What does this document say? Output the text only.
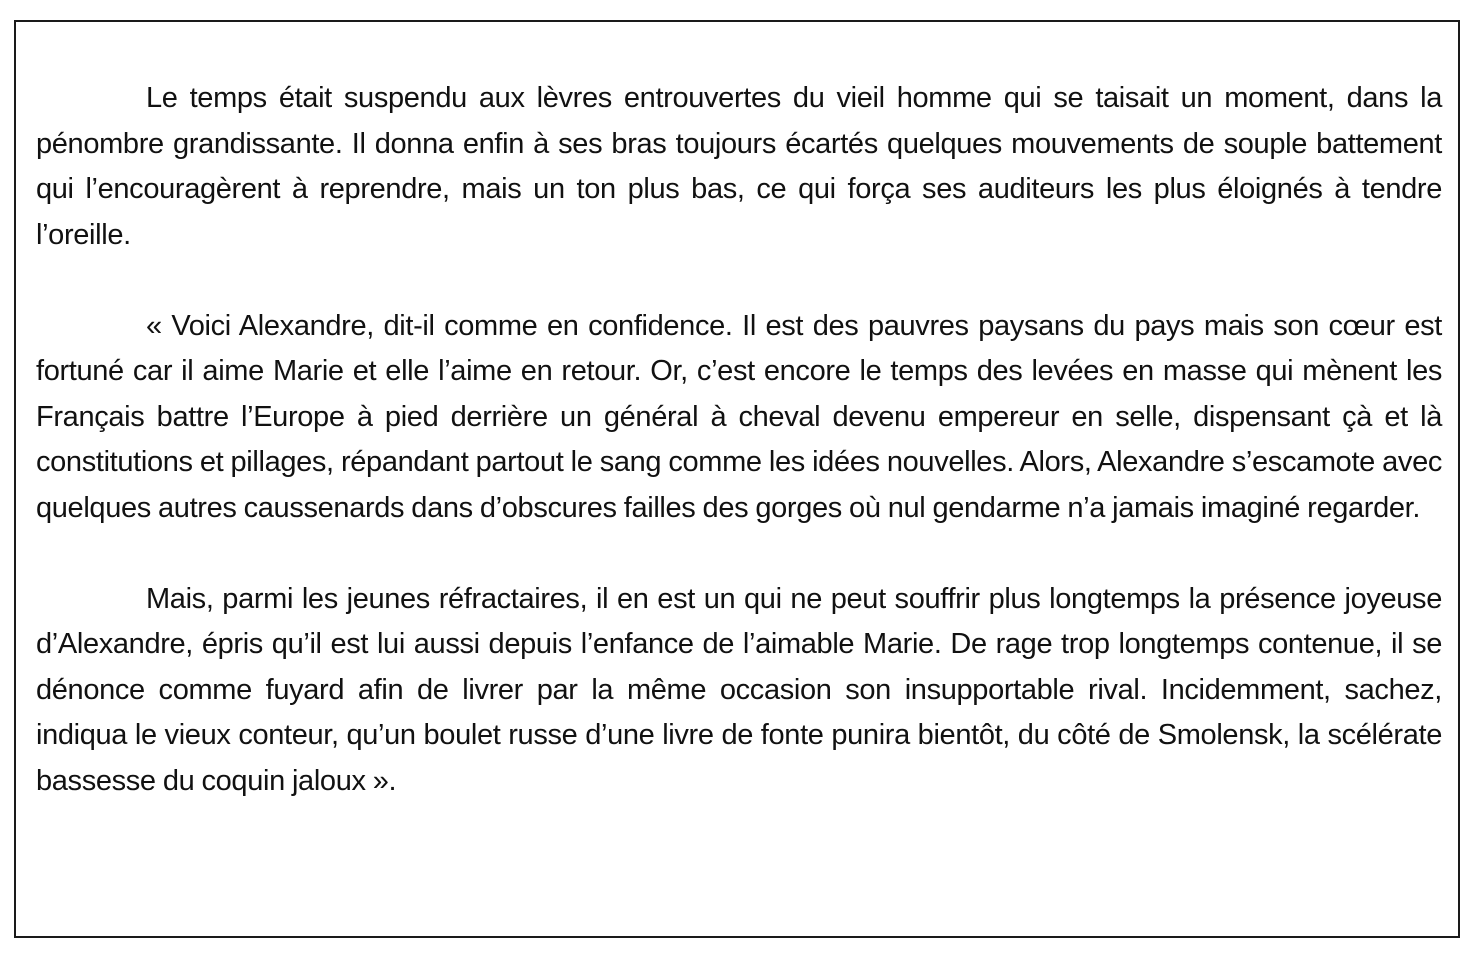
Le temps était suspendu aux lèvres entrouvertes du vieil homme qui se taisait un moment, dans la pénombre grandissante. Il donna enfin à ses bras toujours écartés quelques mouvements de souple battement qui l’encouragèrent à reprendre, mais un ton plus bas, ce qui força ses auditeurs les plus éloignés à tendre l’oreille.

« Voici Alexandre, dit-il comme en confidence. Il est des pauvres paysans du pays mais son cœur est fortuné car il aime Marie et elle l’aime en retour. Or, c’est encore le temps des levées en masse qui mènent les Français battre l’Europe à pied derrière un général à cheval devenu empereur en selle, dispensant çà et là constitutions et pillages, répandant partout le sang comme les idées nouvelles. Alors, Alexandre s’escamote avec quelques autres caussenards dans d’obscures failles des gorges où nul gendarme n’a jamais imaginé regarder.

Mais, parmi les jeunes réfractaires, il en est un qui ne peut souffrir plus longtemps la présence joyeuse d’Alexandre, épris qu’il est lui aussi depuis l’enfance de l’aimable Marie. De rage trop longtemps contenue, il se dénonce comme fuyard afin de livrer par la même occasion son insupportable rival. Incidemment, sachez, indiqua le vieux conteur, qu’un boulet russe d’une livre de fonte punira bientôt, du côté de Smolensk, la scélérate bassesse du coquin jaloux ».
